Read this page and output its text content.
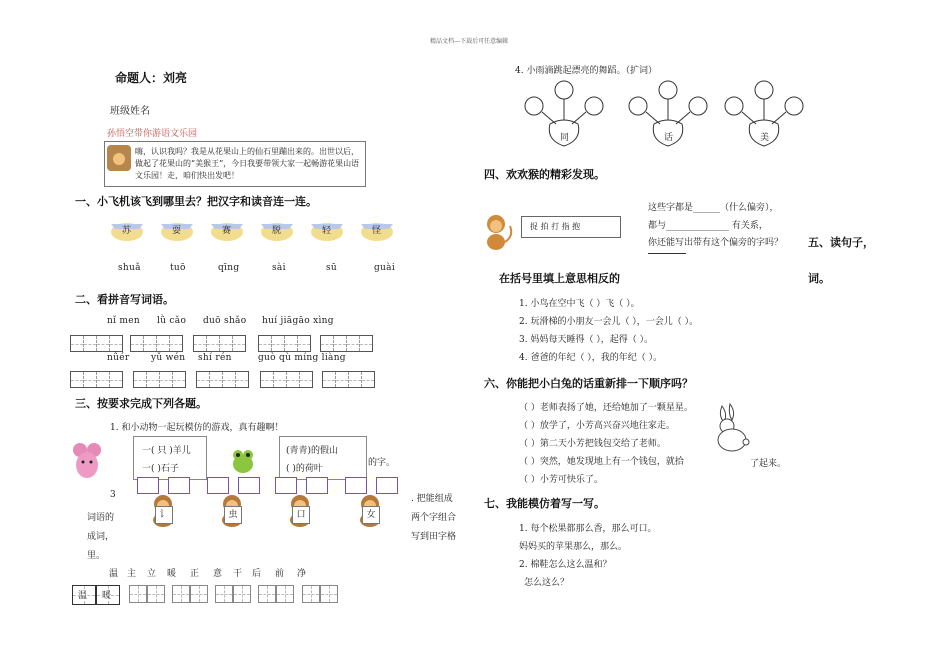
精品文档---下载后可任意编辑
命题人：刘亮
班级姓名
孙悟空带你游语文乐园
嗨，认识我吗？我是从花果山上的仙石里蹦出来的。出世以后，做起了花果山的“美猴王”，今日我要带领大家一起畅游花果山语文乐园！走，咱们快出发吧！
一、小飞机该飞到哪里去？把汉字和读音连一连。
苏	耍	赛	脱	轻	怪
shuǎ	tuō	qīng	sài	sū	guài
二、看拼音写词语。
nǐ men lǜ cǎo duō shǎo huí jiāgāo xìng
nǚér yǔ wén shí rén	guò qù míng liàng
三、按要求完成下列各题。
1. 和小动物一起玩模仿的游戏，真有趣啊！
一( 只 )羊儿
一( )石子
(青青)的假山
( )的荷叶
的字。
3
词语的
成词，
里。
. 把能组成
两个字组合
写到田字格
讠	虫	口	女
温 主 立 暖 正 意 干 后 前 净
温 暖
4. 小雨滴跳起漂亮的舞蹈。（扩词）
同	话	美
四、欢欢猴的精彩发现。
捉 拍 打 指 抱
这些字都是______（什么偏旁），
都与______________ 有关系，
你还能写出带有这个偏旁的字吗？ 五、读句子，
在括号里填上意思相反的	词。
1. 小鸟在空中飞（ ）飞（ ）。
2. 玩滑梯的小朋友一会儿（ ），一会儿（ ）。
3. 妈妈每天睡得（ ），起得（ ）。
4. 爸爸的年纪（ ），我的年纪（ ）。
六、你能把小白兔的话重新排一下顺序吗？
（ ）老师表扬了她，还给她加了一颗星星。
（ ）放学了，小芳高兴奋兴地往家走。
（ ）第二天小芳把钱包交给了老师。
（ ）突然，她发现地上有一个钱包，就拾
（ ）小芳可快乐了。
了起来。
七、我能模仿着写一写。
1. 每个松果都那么香，那么可口。
妈妈买的苹果那么，那么。
2. 棉鞋怎么这么温和？
怎么这么？
